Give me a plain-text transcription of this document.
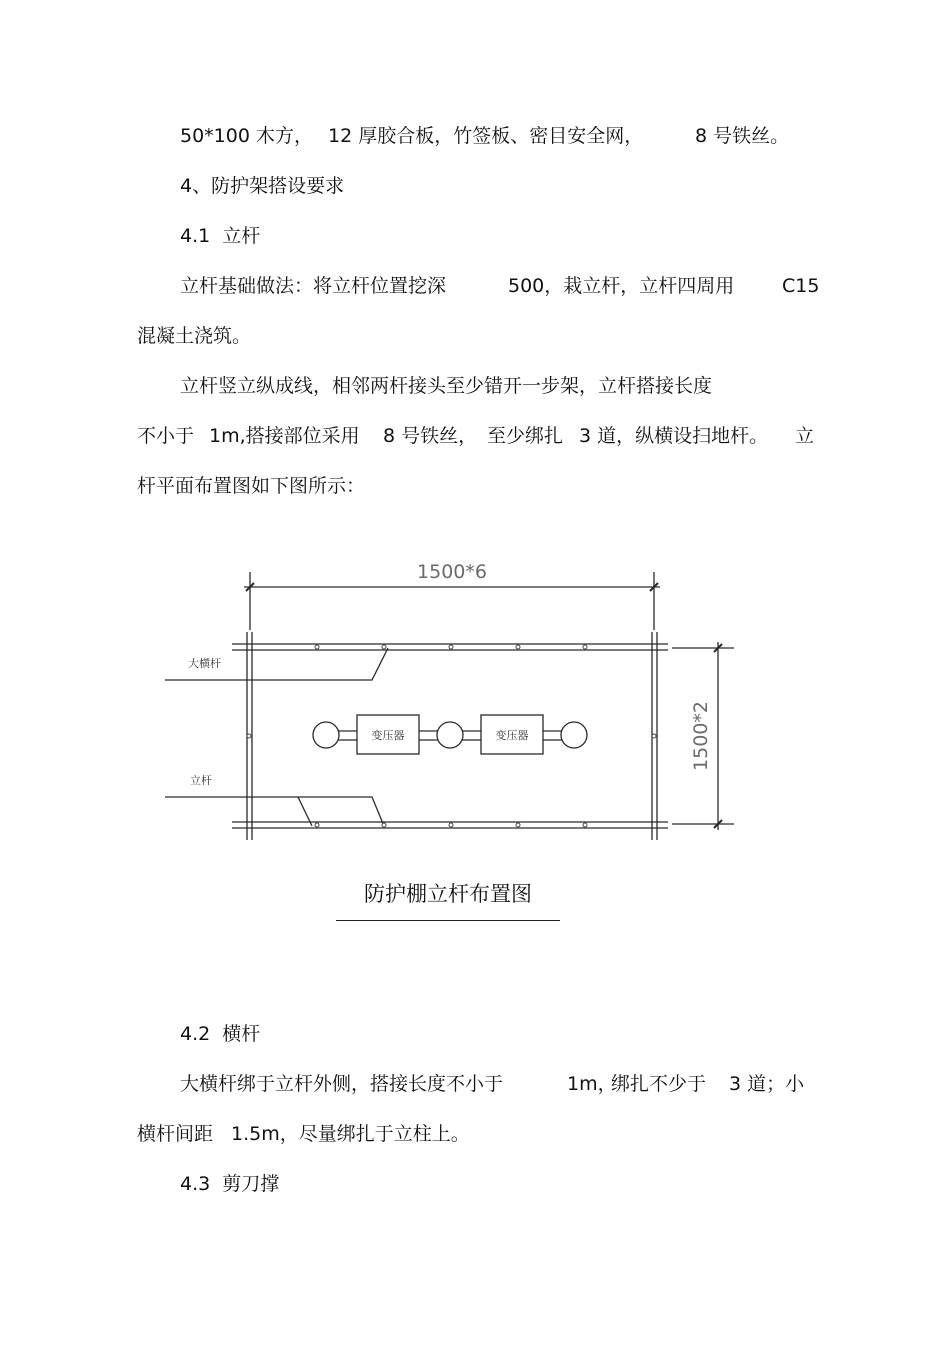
50*100 木方，

12 厚胶合板，竹签板、密目安全网，

	8 号铁丝。

4、防护架搭设要求

4.1  立杆

立杆基础做法：将立杆位置挖深

	500，栽立杆，立杆四周用

	C15

混凝土浇筑。

立杆竖立纵成线，相邻两杆接头至少错开一步架，立杆搭接长度

不小于

1m,搭接部位采用

8 号铁丝，

至少绑扎

3 道，纵横设扫地杆。

立

杆平面布置图如下图所示：

1500*6
1500*2
大横杆
立杆
变压器	变压器
防护棚立杆布置图

4.2  横杆

大横杆绑于立杆外侧，搭接长度不小于

	1m，

绑扎不少于

3 道；小

横杆间距

1.5m，尽量绑扎于立柱上。

4.3  剪刀撑
